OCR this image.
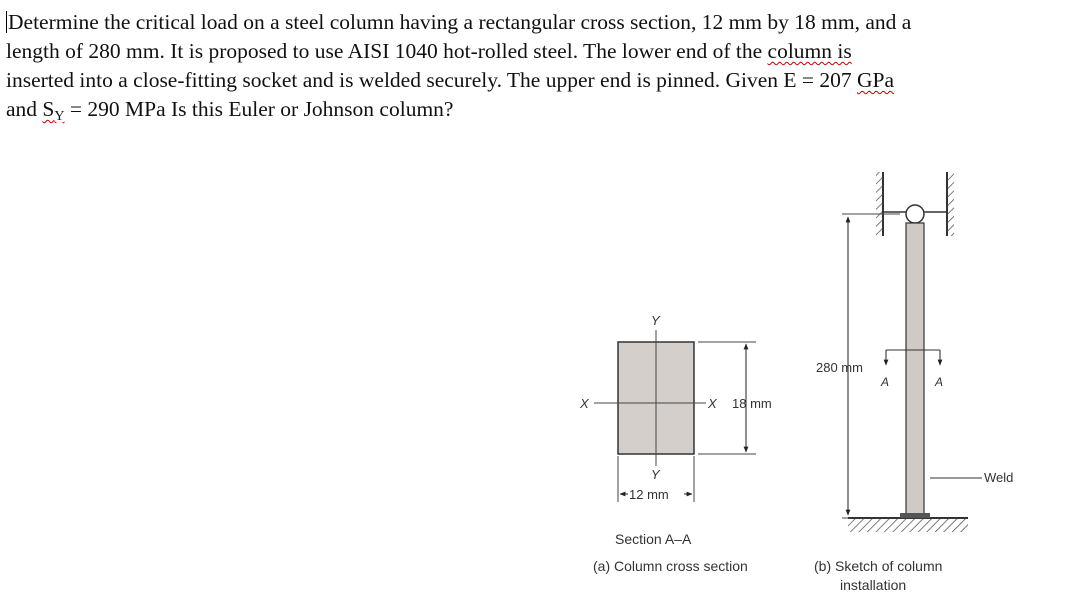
Determine the critical load on a steel column having a rectangular cross section, 12 mm by 18 mm, and a
length of 280 mm. It is proposed to use AISI 1040 hot-rolled steel. The lower end of the column is
inserted into a close-fitting socket and is welded securely. The upper end is pinned. Given E = 207 GPa
and $S_Y = 290$ MPa Is this Euler or Johnson column?
Y
Y
X	X 18 mm
12 mm
Section A–A
(a) Column cross section
Weld
280 mm
A	A
(b) Sketch of column
installation
